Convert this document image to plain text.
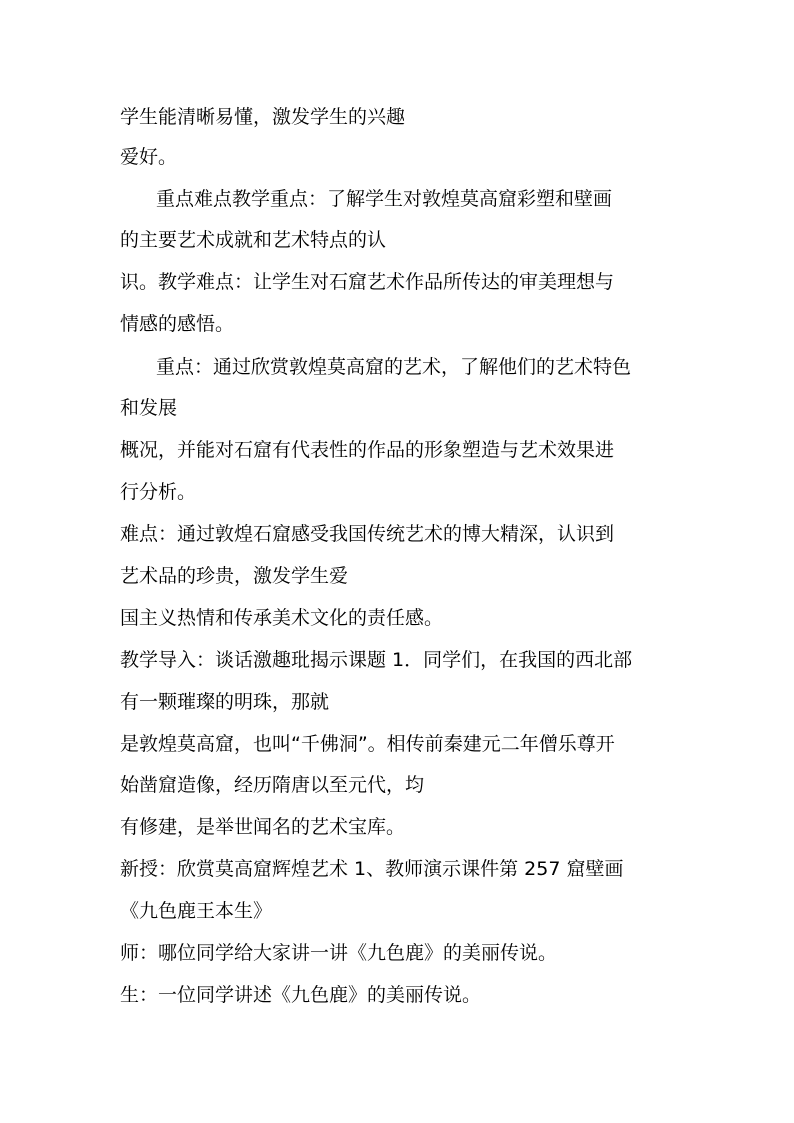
学生能清晰易懂，激发学生的兴趣
爱好。
重点难点教学重点：了解学生对敦煌莫高窟彩塑和壁画
的主要艺术成就和艺术特点的认
识。教学难点：让学生对石窟艺术作品所传达的审美理想与
情感的感悟。
重点：通过欣赏敦煌莫高窟的艺术，了解他们的艺术特色
和发展
概况，并能对石窟有代表性的作品的形象塑造与艺术效果进
行分析。
难点：通过敦煌石窟感受我国传统艺术的博大精深，认识到
艺术品的珍贵，激发学生爱
国主义热情和传承美术文化的责任感。
教学导入：谈话激趣玭揭示课题 1．同学们，在我国的西北部
有一颗璀璨的明珠，那就
是敦煌莫高窟，也叫“千佛洞”。相传前秦建元二年僧乐尊开
始凿窟造像，经历隋唐以至元代，均
有修建，是举世闻名的艺术宝库。
新授：欣赏莫高窟辉煌艺术 1、教师演示课件第 257 窟壁画
《九色鹿王本生》
师：哪位同学给大家讲一讲《九色鹿》的美丽传说。
生：一位同学讲述《九色鹿》的美丽传说。
